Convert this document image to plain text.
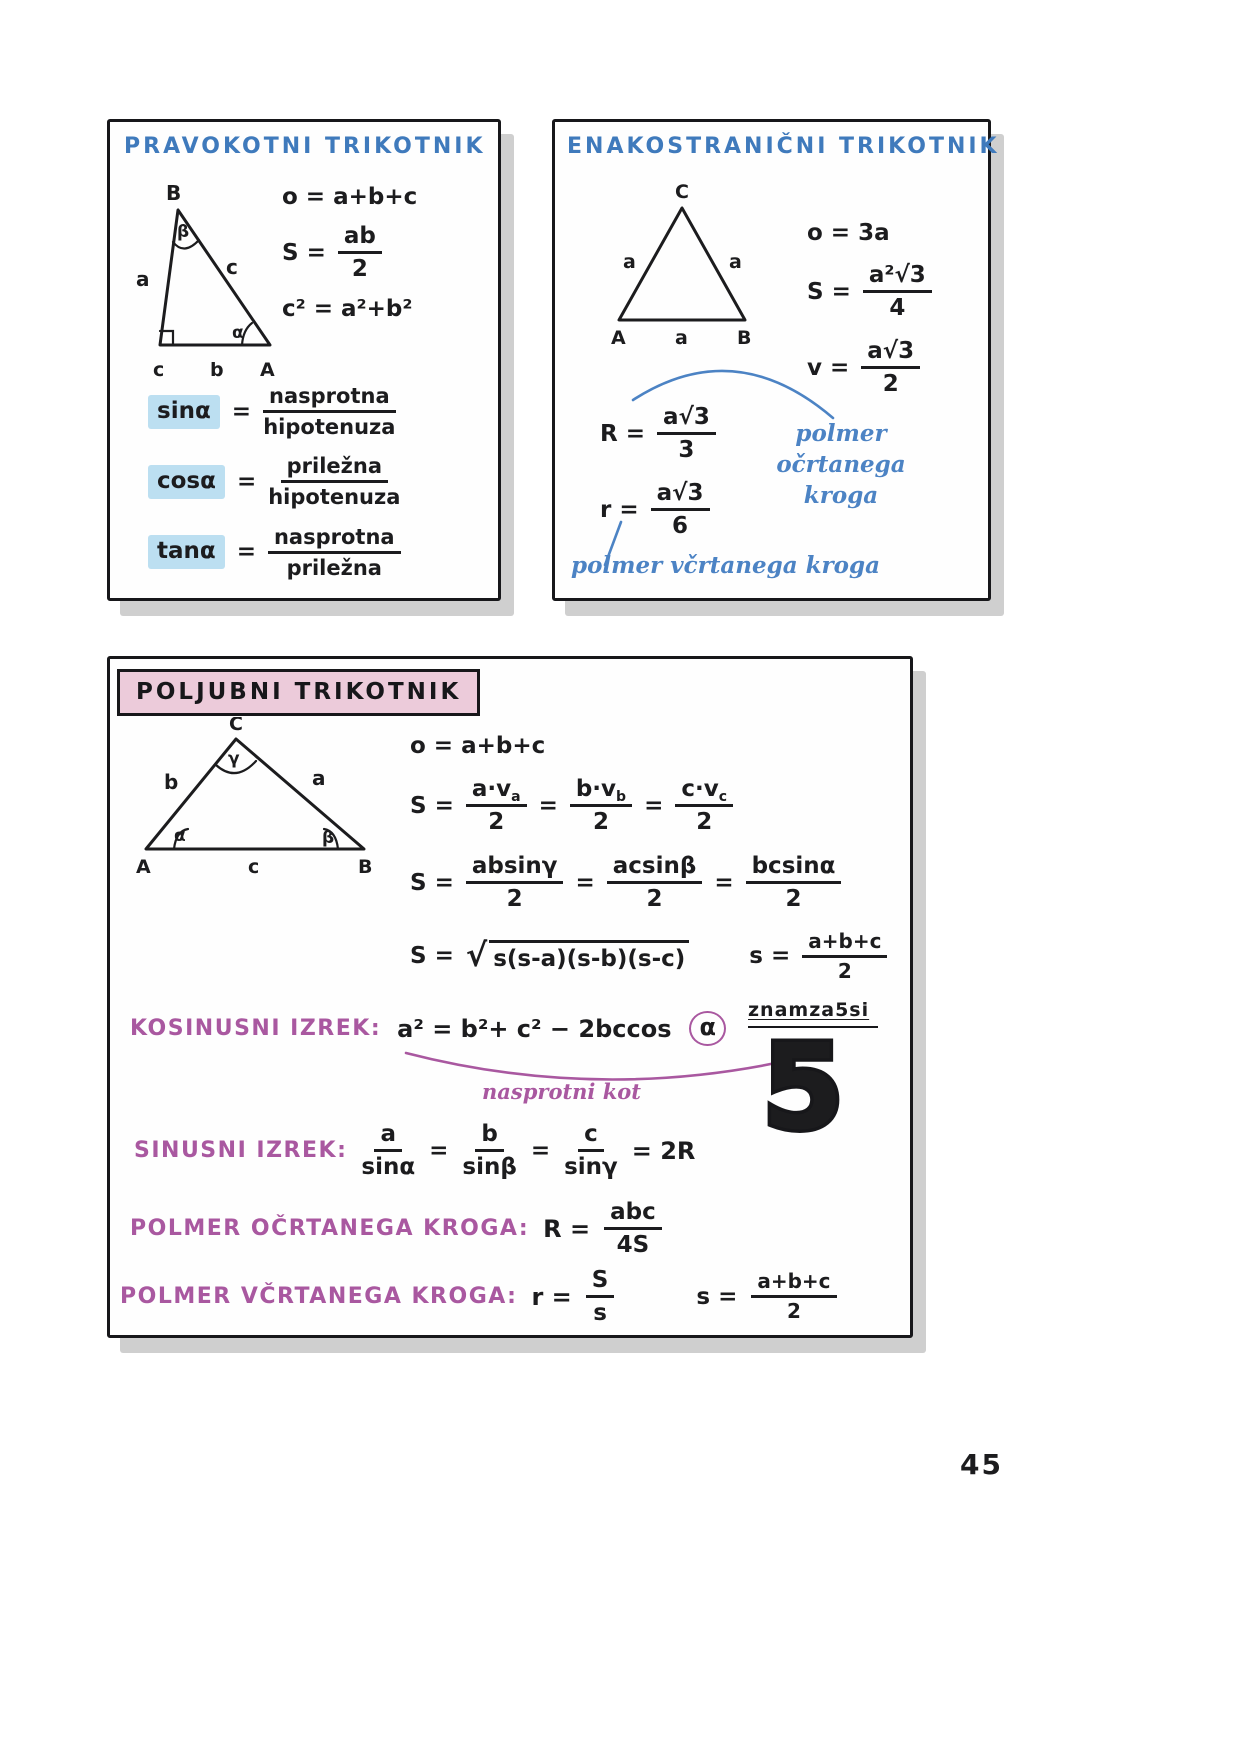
PRAVOKOTNI TRIKOTNIK
B
β
a	c
α
c b A
o = a+b+c
$S = \frac{ab}{2}$
c² = a²+b²
$\sin\alpha = \frac{\text{nasprotna}}{\text{hipotenuza}}$
$\cos\alpha = \frac{\text{priležna}}{\text{hipotenuza}}$
$\tan\alpha = \frac{\text{nasprotna}}{\text{priležna}}$
ENAKOSTRANIČNI TRIKOTNIK
C
a	a
A	a	B
o = 3a
$S = \frac{\text{a²√3}}{4}$
$v = \frac{a√3}{2}$
$R = \frac{a√3}{3}$
$r = \frac{a√3}{6}$
polmer
očrtanega
kroga
polmer včrtanega kroga
POLJUBNI TRIKOTNIK
C
γ
b	a
α	β
A	c	B
o = a+b+c
$S = \frac{a\cdot v_a}{2} = \frac{b\cdot v_b}{2} = \frac{c\cdot v_c}{2}$
$S = \frac{absin\gamma}{2} = \frac{acsin\beta}{2} = \frac{bcsin\alpha}{2}$
S = √ s(s-a)(s-b)(s-c)	$s = \frac{a+b+c}{2}$
KOSINUSNI IZREK: a² = b²+ c² − 2bccos	α
nasprotni kot
znamza5si
5
SINUSNI IZREK: $\frac{a}{\sin\alpha} = \frac{b}{\sin\beta} = \frac{c}{\sin\gamma} = 2R$
POLMER OČRTANEGA KROGA: $R = \frac{\text{abc}}{4S}$
POLMER VČRTANEGA KROGA: $r = \frac{S}{s}$	$s = \frac{a+b+c}{2}$
45
